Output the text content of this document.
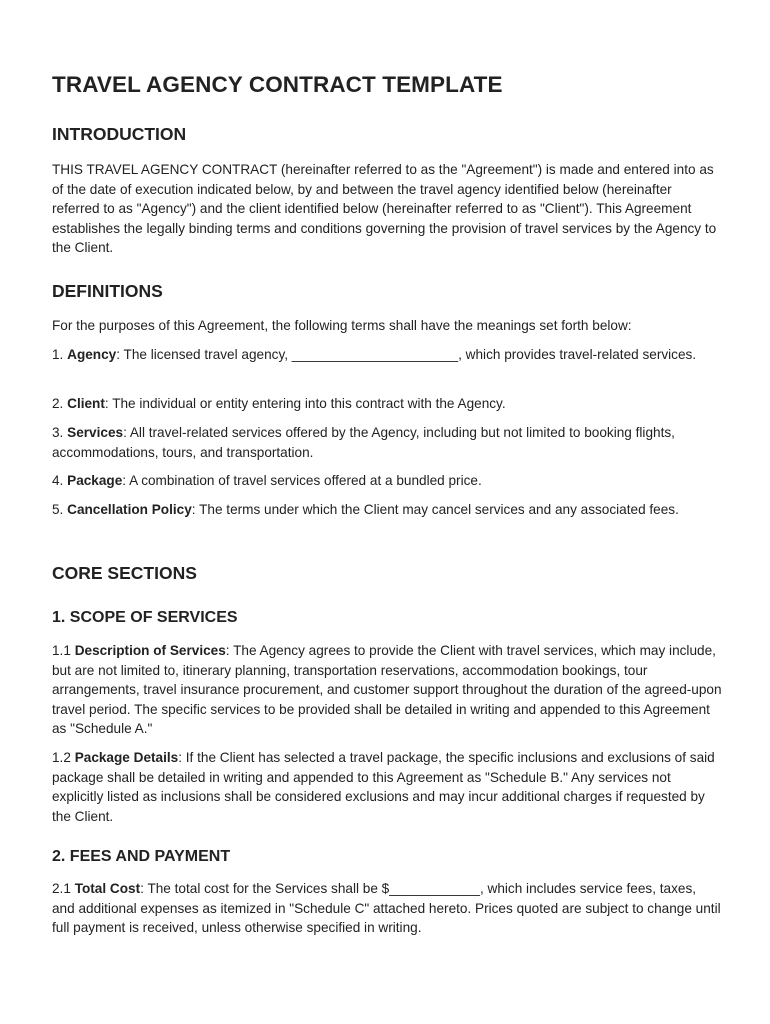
TRAVEL AGENCY CONTRACT TEMPLATE
INTRODUCTION

THIS TRAVEL AGENCY CONTRACT (hereinafter referred to as the "Agreement") is made and entered into as of the date of execution indicated below, by and between the travel agency identified below (hereinafter referred to as "Agency") and the client identified below (hereinafter referred to as "Client"). This Agreement establishes the legally binding terms and conditions governing the provision of travel services by the Agency to the Client.

DEFINITIONS

For the purposes of this Agreement, the following terms shall have the meanings set forth below:

1. Agency: The licensed travel agency, ______________________, which provides travel-related services.

2. Client: The individual or entity entering into this contract with the Agency.

3. Services: All travel-related services offered by the Agency, including but not limited to booking flights, accommodations, tours, and transportation.

4. Package: A combination of travel services offered at a bundled price.

5. Cancellation Policy: The terms under which the Client may cancel services and any associated fees.

CORE SECTIONS
1. SCOPE OF SERVICES

1.1 Description of Services: The Agency agrees to provide the Client with travel services, which may include, but are not limited to, itinerary planning, transportation reservations, accommodation bookings, tour arrangements, travel insurance procurement, and customer support throughout the duration of the agreed-upon travel period. The specific services to be provided shall be detailed in writing and appended to this Agreement as "Schedule A."

1.2 Package Details: If the Client has selected a travel package, the specific inclusions and exclusions of said package shall be detailed in writing and appended to this Agreement as "Schedule B." Any services not explicitly listed as inclusions shall be considered exclusions and may incur additional charges if requested by the Client.

2. FEES AND PAYMENT

2.1 Total Cost: The total cost for the Services shall be $____________, which includes service fees, taxes, and additional expenses as itemized in "Schedule C" attached hereto. Prices quoted are subject to change until full payment is received, unless otherwise specified in writing.
